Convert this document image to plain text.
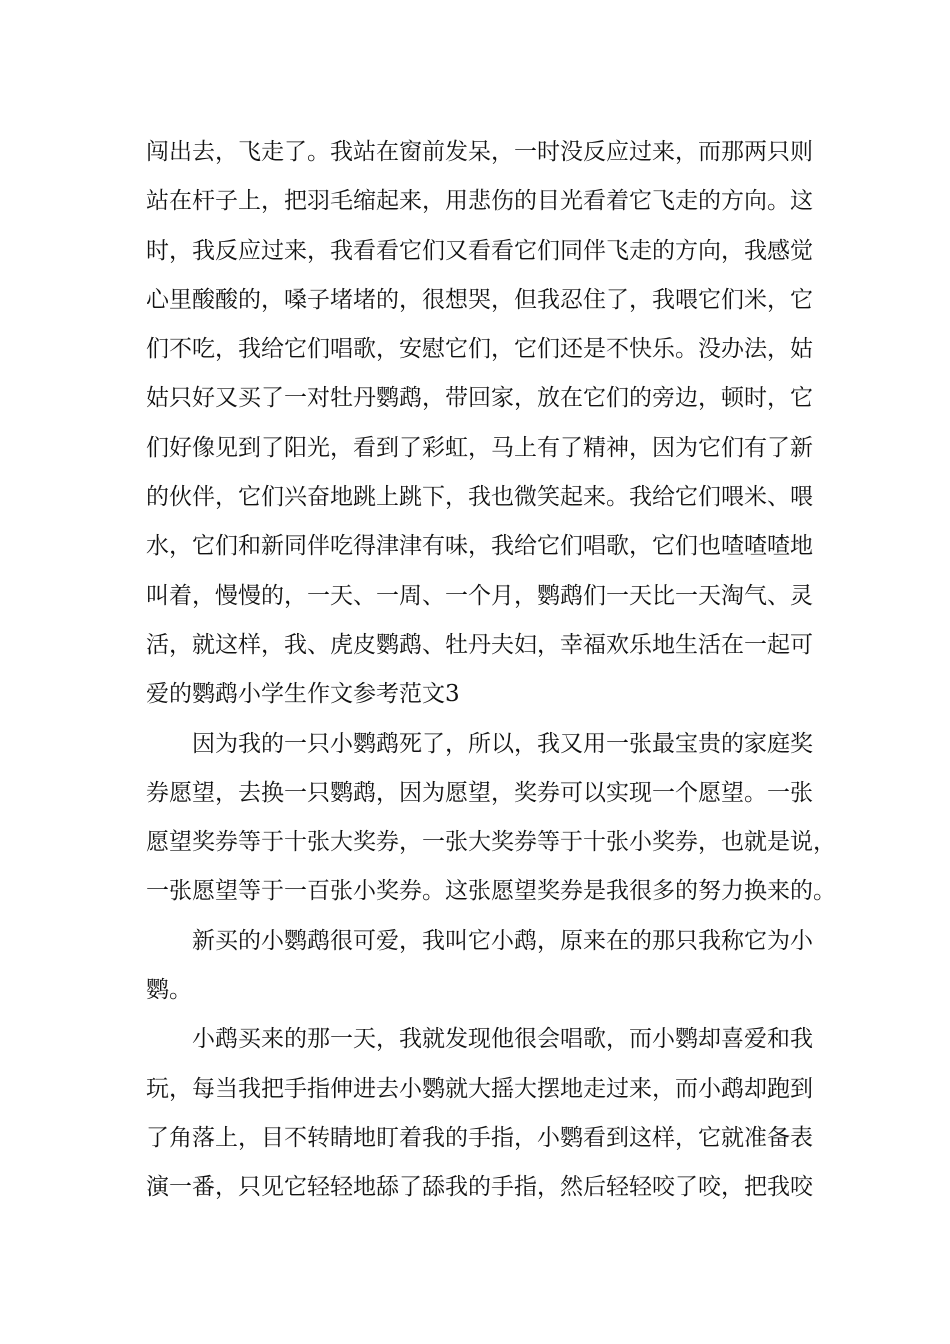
闯出去，飞走了。我站在窗前发呆，一时没反应过来，而那两只则
站在杆子上，把羽毛缩起来，用悲伤的目光看着它飞走的方向。这
时，我反应过来，我看看它们又看看它们同伴飞走的方向，我感觉
心里酸酸的，嗓子堵堵的，很想哭，但我忍住了，我喂它们米，它
们不吃，我给它们唱歌，安慰它们，它们还是不快乐。没办法，姑
姑只好又买了一对牡丹鹦鹉，带回家，放在它们的旁边，顿时，它
们好像见到了阳光，看到了彩虹，马上有了精神，因为它们有了新
的伙伴，它们兴奋地跳上跳下，我也微笑起来。我给它们喂米、喂
水，它们和新同伴吃得津津有味，我给它们唱歌，它们也喳喳喳地
叫着，慢慢的，一天、一周、一个月，鹦鹉们一天比一天淘气、灵
活，就这样，我、虎皮鹦鹉、牡丹夫妇，幸福欢乐地生活在一起可
爱的鹦鹉小学生作文参考范文3
因为我的一只小鹦鹉死了，所以，我又用一张最宝贵的家庭奖
券愿望，去换一只鹦鹉，因为愿望，奖券可以实现一个愿望。一张
愿望奖券等于十张大奖券，一张大奖券等于十张小奖券，也就是说，
一张愿望等于一百张小奖券。这张愿望奖券是我很多的努力换来的。
新买的小鹦鹉很可爱，我叫它小鹉，原来在的那只我称它为小
鹦。
小鹉买来的那一天，我就发现他很会唱歌，而小鹦却喜爱和我
玩，每当我把手指伸进去小鹦就大摇大摆地走过来，而小鹉却跑到
了角落上，目不转睛地盯着我的手指，小鹦看到这样，它就准备表
演一番，只见它轻轻地舔了舔我的手指，然后轻轻咬了咬，把我咬
